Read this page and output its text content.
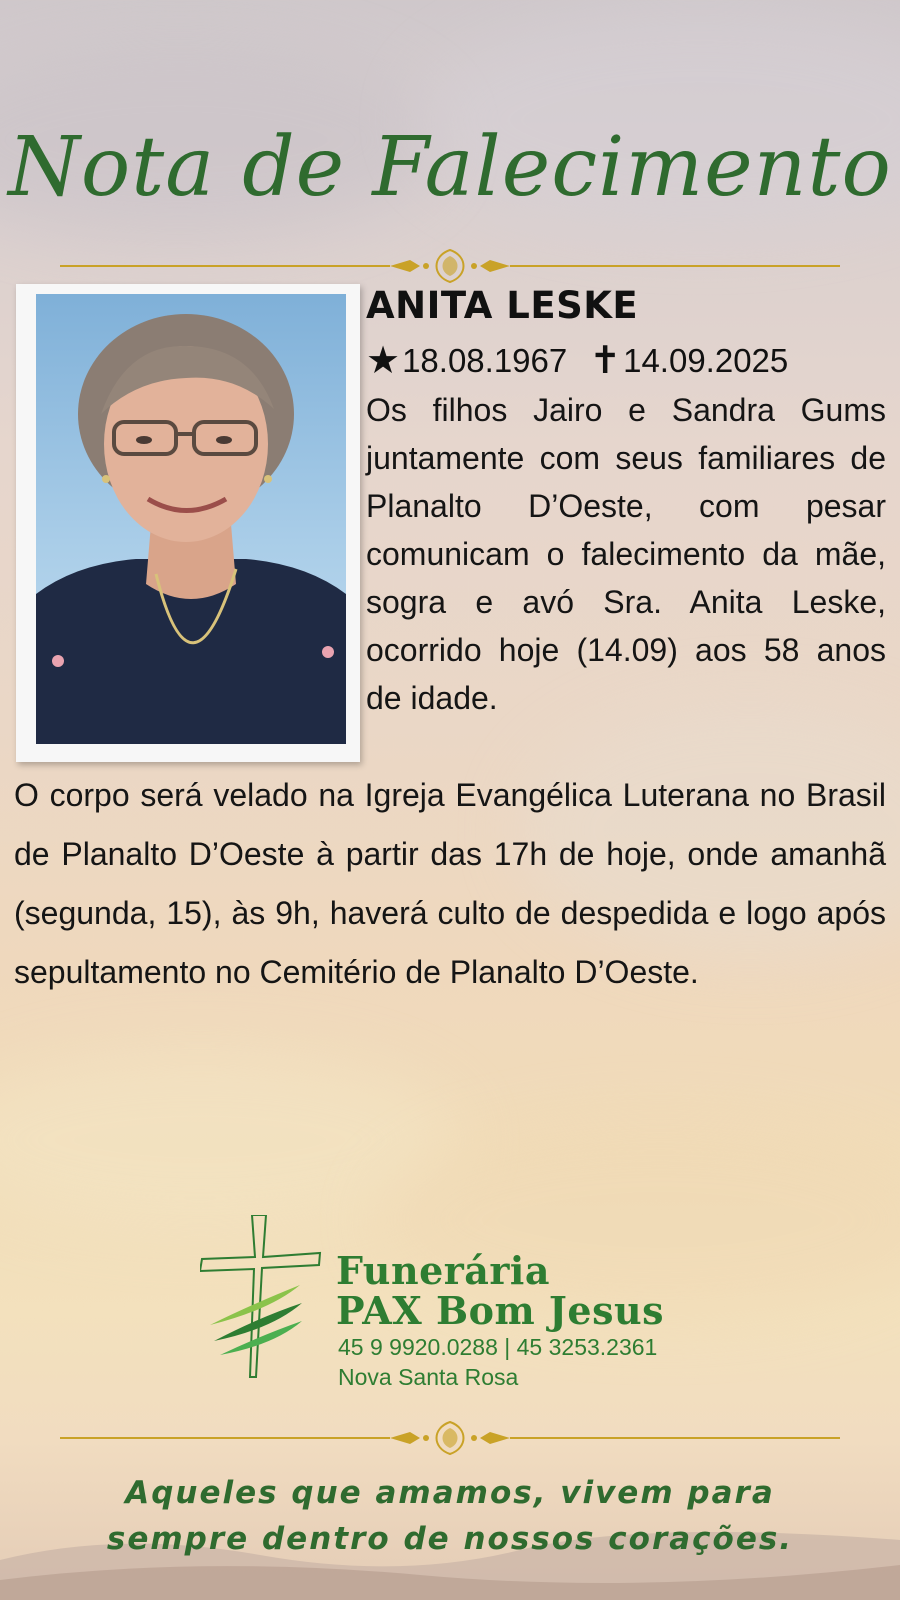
Nota de Falecimento
ANITA LESKE
★ 18.08.1967 ✝ 14.09.2025

Os filhos Jairo e Sandra Gums juntamente com seus familiares de Planalto D’Oeste, com pesar comunicam o falecimento da mãe, sogra e avó Sra. Anita Leske, ocorrido hoje (14.09) aos 58 anos de idade.

O corpo será velado na Igreja Evangélica Luterana no Brasil de Planalto D’Oeste à partir das 17h de hoje, onde amanhã (segunda, 15), às 9h, haverá culto de despedida e logo após sepultamento no Cemitério de Planalto D’Oeste.

Funerária
PAX Bom Jesus
45 9 9920.0288 | 45 3253.2361
Nova Santa Rosa
Aqueles que amamos, vivem para
sempre dentro de nossos corações.
